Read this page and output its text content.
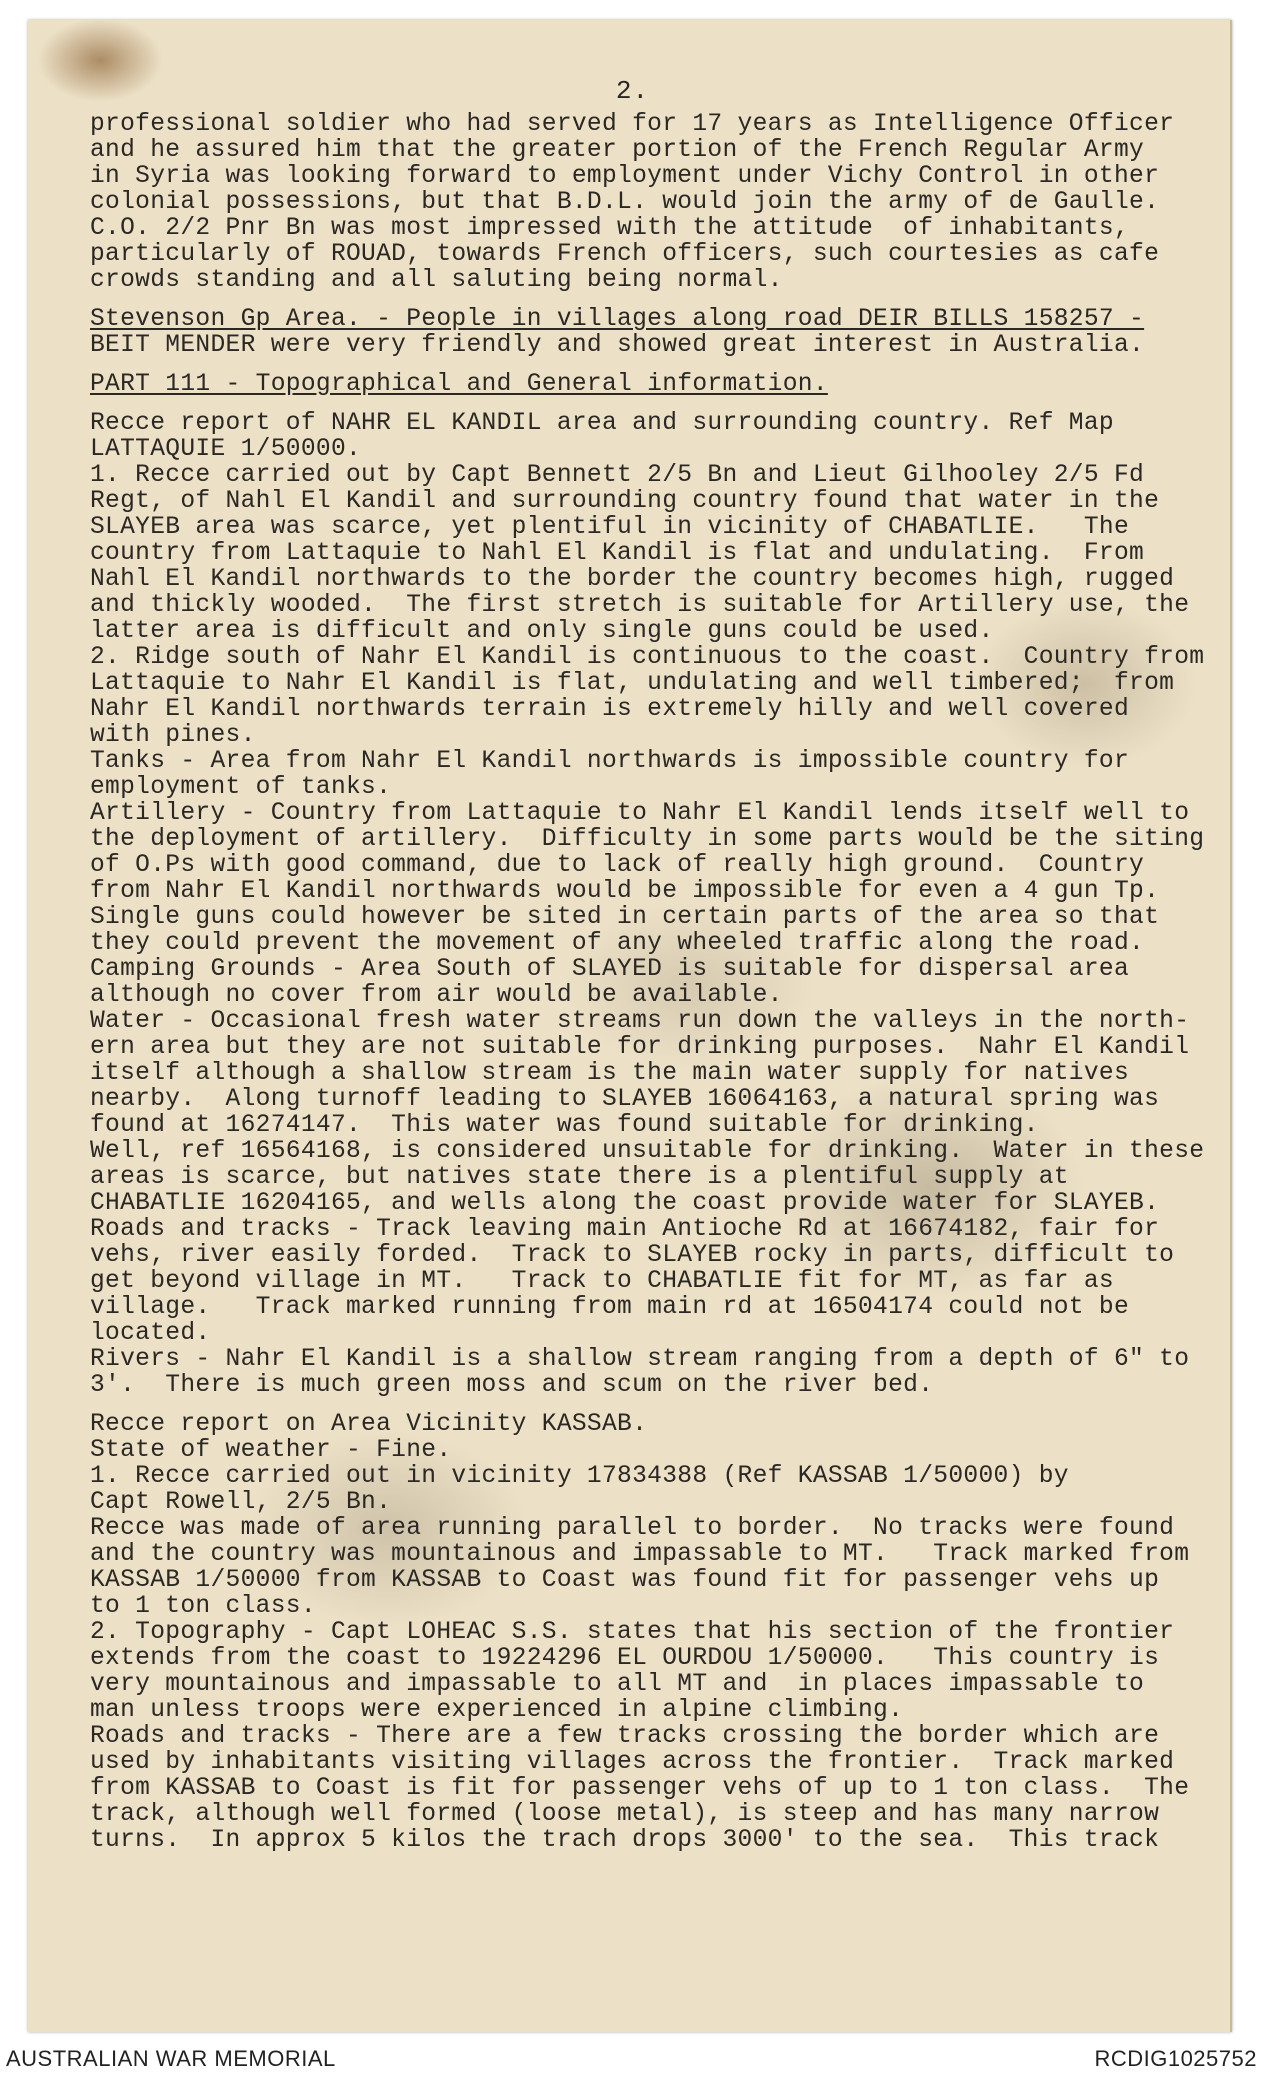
2.
professional soldier who had served for 17 years as Intelligence Officer
and he assured him that the greater portion of the French Regular Army
in Syria was looking forward to employment under Vichy Control in other
colonial possessions, but that B.D.L. would join the army of de Gaulle.
C.O. 2/2 Pnr Bn was most impressed with the attitude  of inhabitants,
particularly of ROUAD, towards French officers, such courtesies as cafe
crowds standing and all saluting being normal.
Stevenson Gp Area. - People in villages along road DEIR BILLS 158257 -
BEIT MENDER were very friendly and showed great interest in Australia.
PART 111 - Topographical and General information.
Recce report of NAHR EL KANDIL area and surrounding country. Ref Map
LATTAQUIE 1/50000.
1. Recce carried out by Capt Bennett 2/5 Bn and Lieut Gilhooley 2/5 Fd
Regt, of Nahl El Kandil and surrounding country found that water in the
SLAYEB area was scarce, yet plentiful in vicinity of CHABATLIE.   The
country from Lattaquie to Nahl El Kandil is flat and undulating.  From
Nahl El Kandil northwards to the border the country becomes high, rugged
and thickly wooded.  The first stretch is suitable for Artillery use, the
latter area is difficult and only single guns could be used.
2. Ridge south of Nahr El Kandil is continuous to the coast.  Country from
Lattaquie to Nahr El Kandil is flat, undulating and well timbered;  from
Nahr El Kandil northwards terrain is extremely hilly and well covered
with pines.
Tanks - Area from Nahr El Kandil northwards is impossible country for
employment of tanks.
Artillery - Country from Lattaquie to Nahr El Kandil lends itself well to
the deployment of artillery.  Difficulty in some parts would be the siting
of O.Ps with good command, due to lack of really high ground.  Country
from Nahr El Kandil northwards would be impossible for even a 4 gun Tp.
Single guns could however be sited in certain parts of the area so that
they could prevent the movement of any wheeled traffic along the road.
Camping Grounds - Area South of SLAYED is suitable for dispersal area
although no cover from air would be available.
Water - Occasional fresh water streams run down the valleys in the north-
ern area but they are not suitable for drinking purposes.  Nahr El Kandil
itself although a shallow stream is the main water supply for natives
nearby.  Along turnoff leading to SLAYEB 16064163, a natural spring was
found at 16274147.  This water was found suitable for drinking.
Well, ref 16564168, is considered unsuitable for drinking.  Water in these
areas is scarce, but natives state there is a plentiful supply at
CHABATLIE 16204165, and wells along the coast provide water for SLAYEB.
Roads and tracks - Track leaving main Antioche Rd at 16674182, fair for
vehs, river easily forded.  Track to SLAYEB rocky in parts, difficult to
get beyond village in MT.   Track to CHABATLIE fit for MT, as far as
village.   Track marked running from main rd at 16504174 could not be
located.
Rivers - Nahr El Kandil is a shallow stream ranging from a depth of 6" to
3'.  There is much green moss and scum on the river bed.
Recce report on Area Vicinity KASSAB.
State of weather - Fine.
1. Recce carried out in vicinity 17834388 (Ref KASSAB 1/50000) by
Capt Rowell, 2/5 Bn.
Recce was made of area running parallel to border.  No tracks were found
and the country was mountainous and impassable to MT.   Track marked from
KASSAB 1/50000 from KASSAB to Coast was found fit for passenger vehs up
to 1 ton class.
2. Topography - Capt LOHEAC S.S. states that his section of the frontier
extends from the coast to 19224296 EL OURDOU 1/50000.   This country is
very mountainous and impassable to all MT and  in places impassable to
man unless troops were experienced in alpine climbing.
Roads and tracks - There are a few tracks crossing the border which are
used by inhabitants visiting villages across the frontier.  Track marked
from KASSAB to Coast is fit for passenger vehs of up to 1 ton class.  The
track, although well formed (loose metal), is steep and has many narrow
turns.  In approx 5 kilos the trach drops 3000' to the sea.  This track
AUSTRALIAN WAR MEMORIAL	RCDIG1025752
